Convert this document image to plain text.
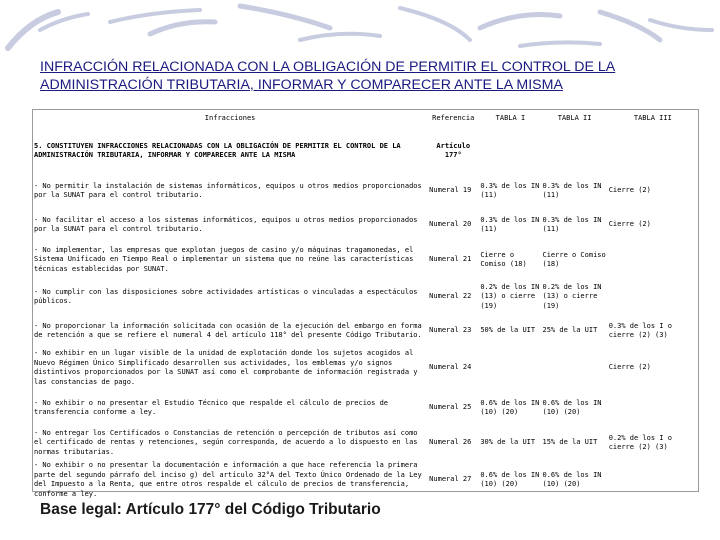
INFRACCIÓN RELACIONADA CON LA OBLIGACIÓN DE PERMITIR EL CONTROL DE LA ADMINISTRACIÓN TRIBUTARIA, INFORMAR Y COMPARECER ANTE LA MISMA
Infracciones	Referencia	TABLA I	TABLA II	TABLA III
5. CONSTITUYEN INFRACCIONES RELACIONADAS CON LA OBLIGACIÓN DE PERMITIR EL CONTROL DE LA ADMINISTRACIÓN TRIBUTARIA, INFORMAR Y COMPARECER ANTE LA MISMA	Artículo 177°			
- No permitir la instalación de sistemas informáticos, equipos u otros medios proporcionados por la SUNAT para el control tributario.	Numeral 19	0.3% de los IN (11)	0.3% de los IN (11)	Cierre (2)
- No facilitar el acceso a los sistemas informáticos, equipos u otros medios proporcionados por la SUNAT para el control tributario.	Numeral 20	0.3% de los IN (11)	0.3% de los IN (11)	Cierre (2)
- No implementar, las empresas que explotan juegos de casino y/o máquinas tragamonedas, el Sistema Unificado en Tiempo Real o implementar un sistema que no reúne las características técnicas establecidas por SUNAT.	Numeral 21	Cierre o Comiso (18)	Cierre o Comiso (18)	
- No cumplir con las disposiciones sobre actividades artísticas o vinculadas a espectáculos públicos.	Numeral 22	0.2% de los IN (13) o cierre (19)	0.2% de los IN (13) o cierre (19)	
- No proporcionar la información solicitada con ocasión de la ejecución del embargo en forma de retención a que se refiere el numeral 4 del artículo 118° del presente Código Tributario.	Numeral 23	50% de la UIT	25% de la UIT	0.3% de los I o cierre (2) (3)
- No exhibir en un lugar visible de la unidad de explotación donde los sujetos acogidos al Nuevo Régimen Único Simplificado desarrollen sus actividades, los emblemas y/o signos distintivos proporcionados por la SUNAT así como el comprobante de información registrada y las constancias de pago.	Numeral 24			Cierre (2)
- No exhibir o no presentar el Estudio Técnico que respalde el cálculo de precios de transferencia conforme a ley.	Numeral 25	0.6% de los IN (10) (20)	0.6% de los IN (10) (20)	
- No entregar los Certificados o Constancias de retención o percepción de tributos así como el certificado de rentas y retenciones, según corresponda, de acuerdo a lo dispuesto en las normas tributarias.	Numeral 26	30% de la UIT	15% de la UIT	0.2% de los I o cierre (2) (3)
- No exhibir o no presentar la documentación e información a que hace referencia la primera parte del segundo párrafo del inciso g) del artículo 32°A del Texto Único Ordenado de la Ley del Impuesto a la Renta, que entre otros respalde el cálculo de precios de transferencia, conforme a ley.	Numeral 27	0.6% de los IN (10) (20)	0.6% de los IN (10) (20)	

Base legal: Artículo 177° del Código Tributario
